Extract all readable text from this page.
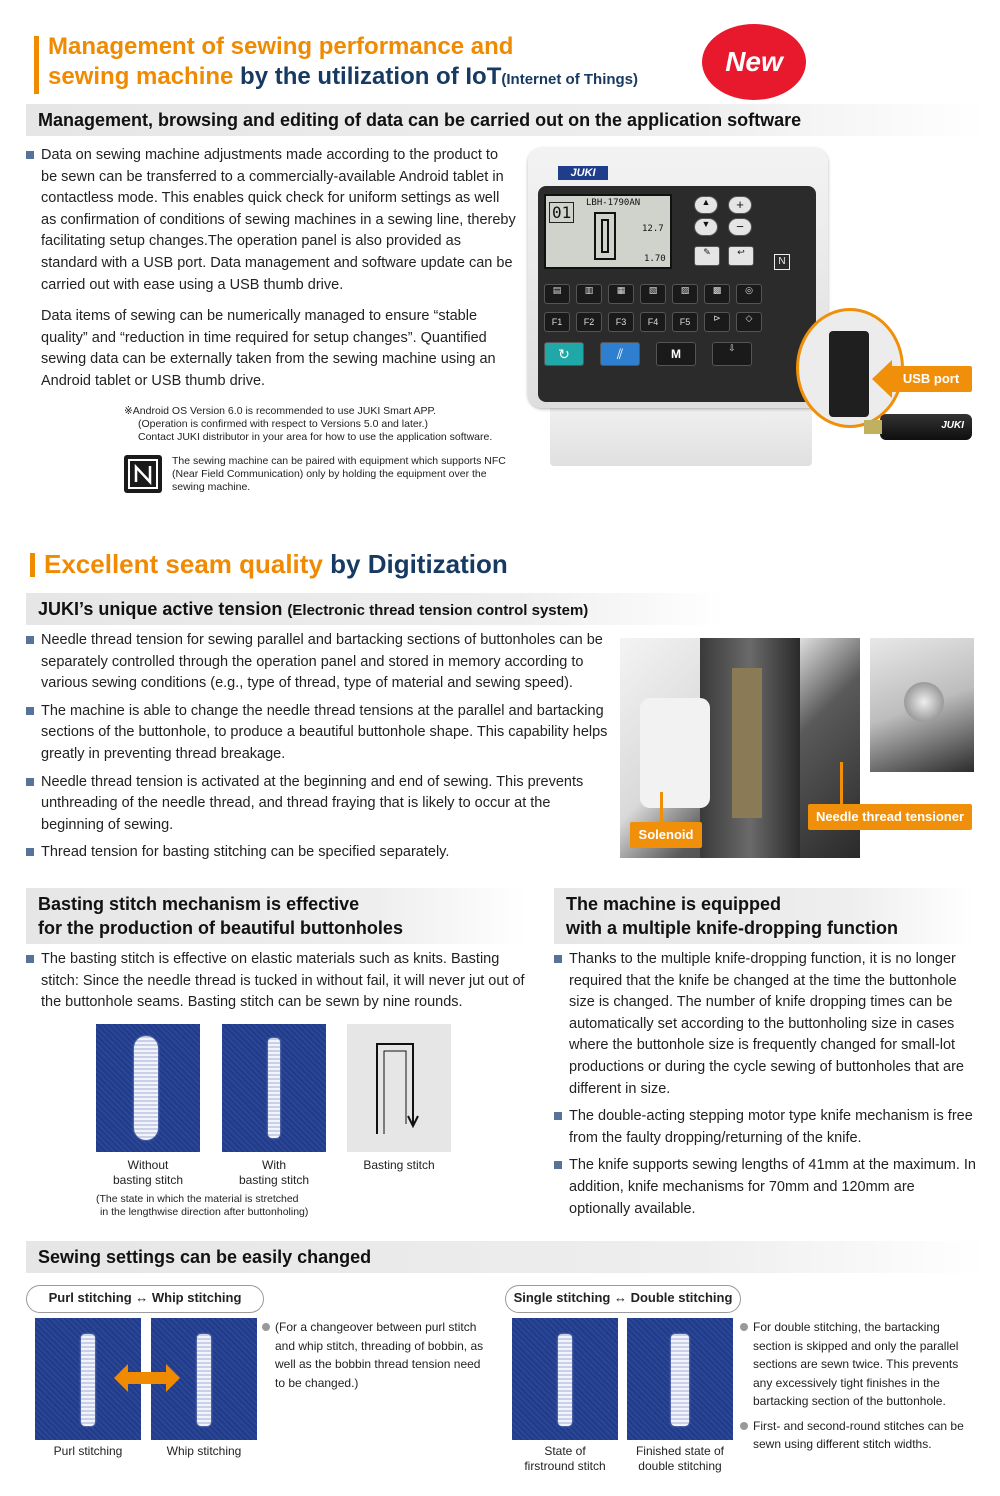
Management of sewing performance and
sewing machine by the utilization of IoT(Internet of Things)
New
Management, browsing and editing of data can be carried out on the application software
Data on sewing machine adjustments made according to the product to be sewn can be transferred to a commercially-available Android tablet in contactless mode. This enables quick check for uniform settings as well as confirmation of conditions of sewing machines in a sewing line, thereby facilitating setup changes.The operation panel is also provided as standard with a USB port. Data management and software update can be carried out with ease using a USB thumb drive.
Data items of sewing can be numerically managed to ensure “stable quality” and “reduction in time required for setup changes”. Quantified sewing data can be externally taken from the sewing machine using an Android tablet or USB thumb drive.
※Android OS Version 6.0 is recommended to use JUKI Smart APP.
(Operation is confirmed with respect to Versions 5.0 and later.)
Contact JUKI distributor in your area for how to use the application software.
The sewing machine can be paired with equipment which supports NFC (Near Field Communication) only by holding the equipment over the sewing machine.
JUKI
01	LBH-1790AN
12.7
1.70
▲
▼
+
−
✎	↩
N
▤	▥	▦	▧	▨	▩	◎
F1	F2	F3	F4	F5	⊳	◇
↻	⫽	M	⇩
USB port
JUKI
Excellent seam quality by Digitization
JUKI’s unique active tension (Electronic thread tension control system)
Needle thread tension for sewing parallel and bartacking sections of buttonholes can be separately controlled through the operation panel and stored in memory according to various sewing conditions (e.g., type of thread, type of material and sewing speed).
The machine is able to change the needle thread tensions at the parallel and bartacking sections of the buttonhole, to produce a beautiful buttonhole shape. This capability helps greatly in preventing thread breakage.
Needle thread tension is activated at the beginning and end of sewing. This prevents unthreading of the needle thread, and thread fraying that is likely to occur at the beginning of sewing.
Thread tension for basting stitching can be specified separately.
Solenoid
Needle thread tensioner
Basting stitch mechanism is effective
for the production of beautiful buttonholes
The basting stitch is effective on elastic materials such as knits. Basting stitch: Since the needle thread is tucked in without fail, it will never jut out of the buttonhole seams. Basting stitch can be sewn by nine rounds.
Without
basting stitch
With
basting stitch
Basting stitch
(The state in which the material is stretched
in the lengthwise direction after buttonholing)
The machine is equipped
with a multiple knife-dropping function
Thanks to the multiple knife-dropping function, it is no longer required that the knife be changed at the time the buttonhole size is changed. The number of knife dropping times can be automatically set according to the buttonholing size in cases where the buttonhole size is frequently changed for small-lot productions or during the cycle sewing of buttonholes that are different in size.
The double-acting stepping motor type knife mechanism is free from the faulty dropping/returning of the knife.
The knife supports sewing lengths of 41mm at the maximum. In addition, knife mechanisms for 70mm and 120mm are optionally available.
Sewing settings can be easily changed
Purl stitching ↔ Whip stitching	Single stitching ↔ Double stitching
Purl stitching	Whip stitching
(For a changeover between purl stitch and whip stitch, threading of bobbin, as well as the bobbin thread tension need to be changed.)
State of
firstround stitch
Finished state of
double stitching
For double stitching, the bartacking section is skipped and only the parallel sections are sewn twice. This prevents any excessively tight finishes in the bartacking section of the buttonhole.
First- and second-round stitches can be sewn using different stitch widths.
